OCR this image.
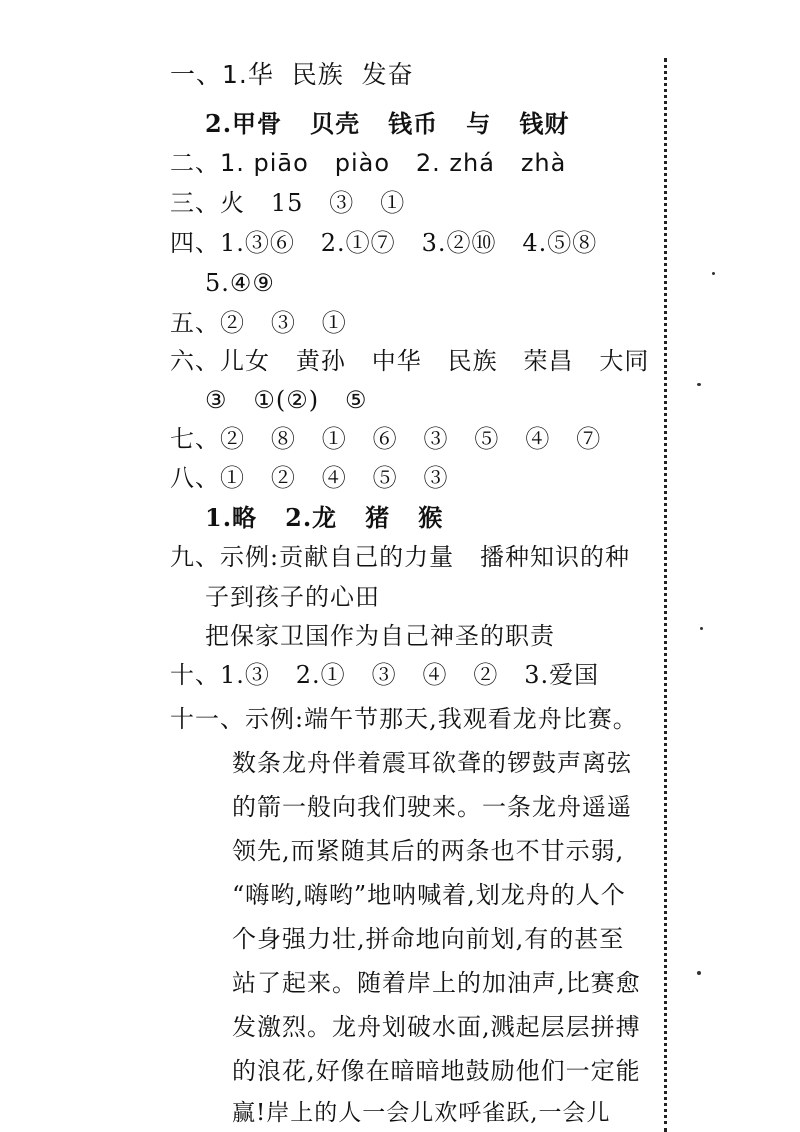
一、1.华  民族  发奋
2.甲骨   贝壳   钱币   与   钱财
二、1. piāo   piào   2. zhá   zhà
三、火   15   ③   ①
四、1.③⑥   2.①⑦   3.②⑩   4.⑤⑧
5.④⑨
五、②   ③   ①
六、儿女   黄孙   中华   民族   荣昌   大同
③   ①(②)   ⑤
七、②   ⑧   ①   ⑥   ③   ⑤   ④   ⑦
八、①   ②   ④   ⑤   ③
1.略   2.龙   猪   猴
九、示例:贡献自己的力量   播种知识的种
子到孩子的心田
把保家卫国作为自己神圣的职责
十、1.③   2.①   ③   ④   ②   3.爱国
十一、示例:端午节那天,我观看龙舟比赛。
数条龙舟伴着震耳欲聋的锣鼓声离弦
的箭一般向我们驶来。一条龙舟遥遥
领先,而紧随其后的两条也不甘示弱,
“嗨哟,嗨哟”地呐喊着,划龙舟的人个
个身强力壮,拼命地向前划,有的甚至
站了起来。随着岸上的加油声,比赛愈
发激烈。龙舟划破水面,溅起层层拼搏
的浪花,好像在暗暗地鼓励他们一定能
赢!岸上的人一会儿欢呼雀跃,一会儿
